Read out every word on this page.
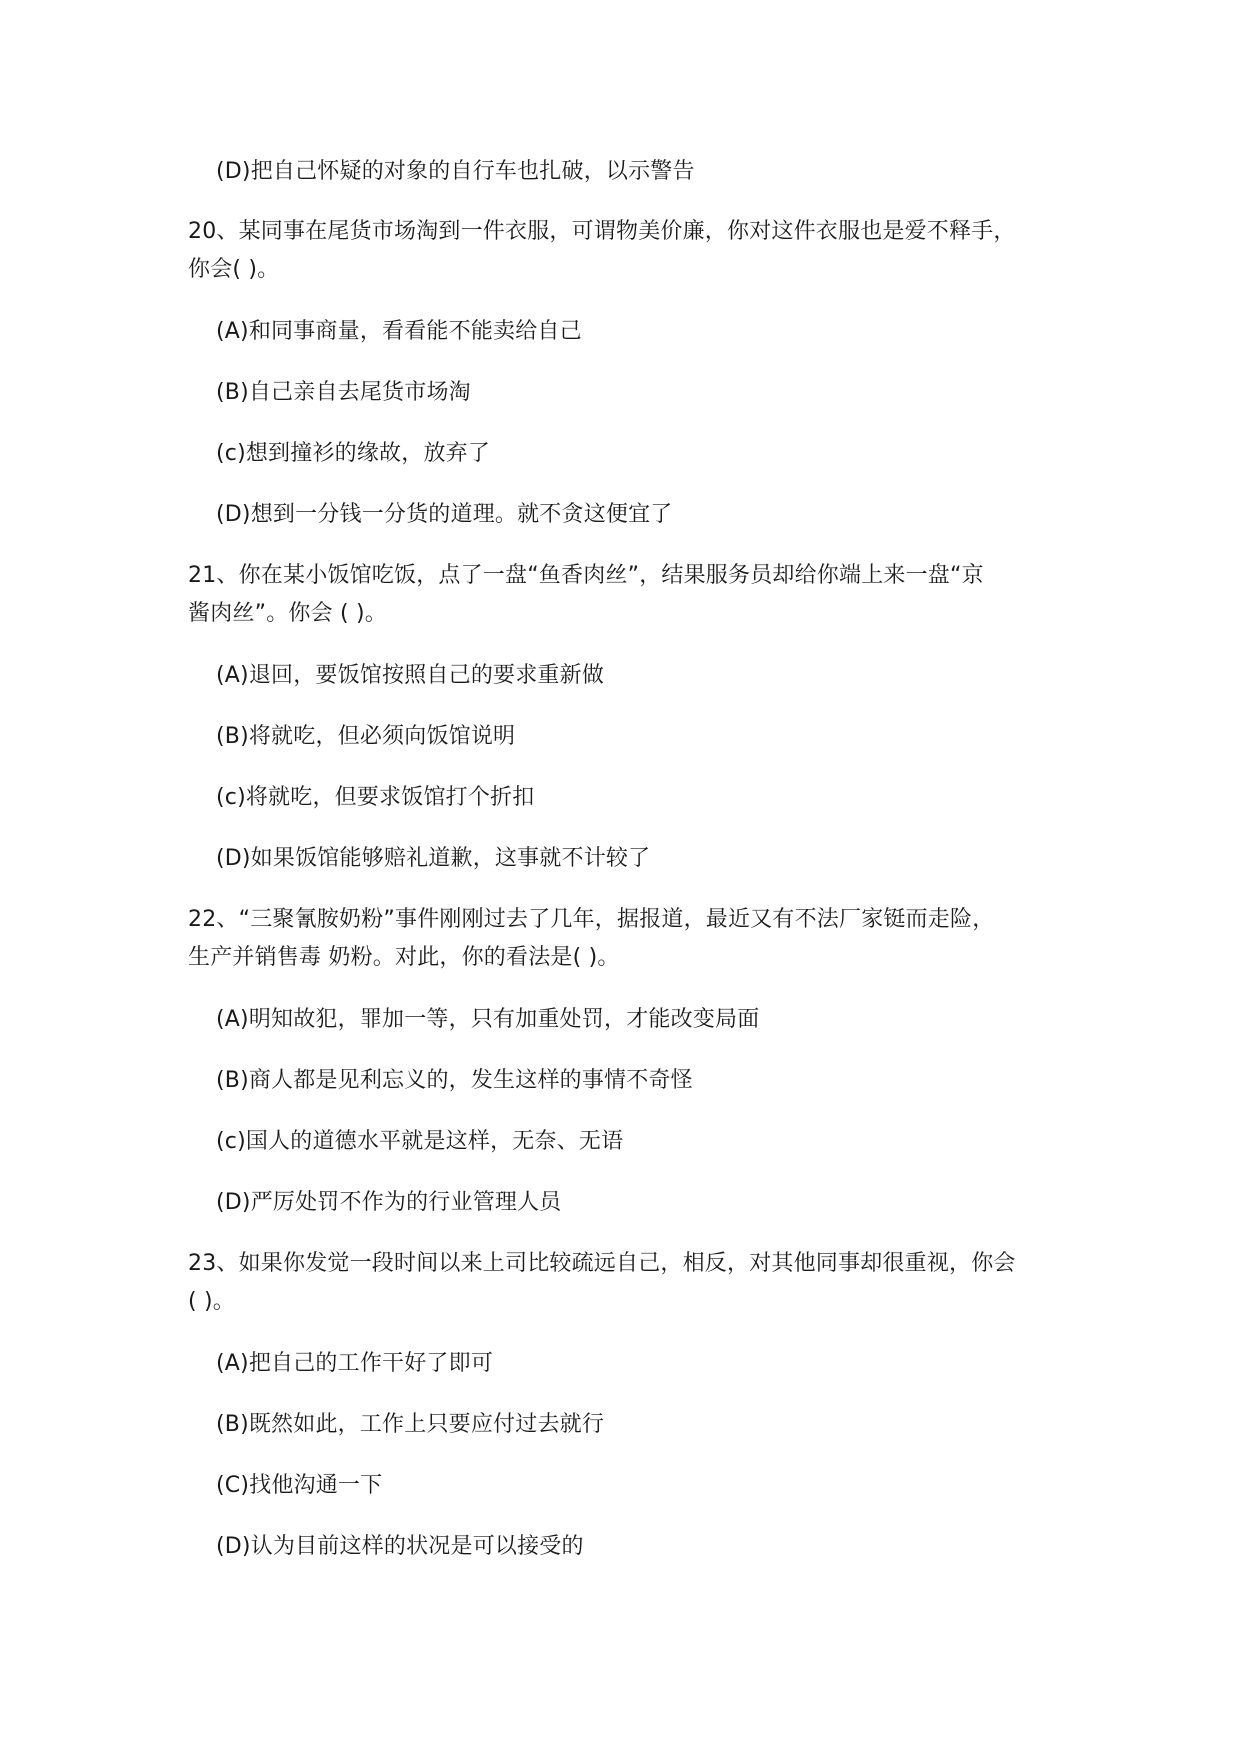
(D)把自己怀疑的对象的自行车也扎破，以示警告
20、某同事在尾货市场淘到一件衣服，可谓物美价廉，你对这件衣服也是爱不释手，
你会( )。
(A)和同事商量，看看能不能卖给自己
(B)自己亲自去尾货市场淘
(c)想到撞衫的缘故，放弃了
(D)想到一分钱一分货的道理。就不贪这便宜了
21、你在某小饭馆吃饭，点了一盘“鱼香肉丝”，结果服务员却给你端上来一盘“京
酱肉丝”。你会 ( )。
(A)退回，要饭馆按照自己的要求重新做
(B)将就吃，但必须向饭馆说明
(c)将就吃，但要求饭馆打个折扣
(D)如果饭馆能够赔礼道歉，这事就不计较了
22、“三聚氰胺奶粉”事件刚刚过去了几年，据报道，最近又有不法厂家铤而走险，
生产并销售毒 奶粉。对此，你的看法是( )。
(A)明知故犯，罪加一等，只有加重处罚，才能改变局面
(B)商人都是见利忘义的，发生这样的事情不奇怪
(c)国人的道德水平就是这样，无奈、无语
(D)严厉处罚不作为的行业管理人员
23、如果你发觉一段时间以来上司比较疏远自己，相反，对其他同事却很重视，你会
( )。
(A)把自己的工作干好了即可
(B)既然如此，工作上只要应付过去就行
(C)找他沟通一下
(D)认为目前这样的状况是可以接受的
